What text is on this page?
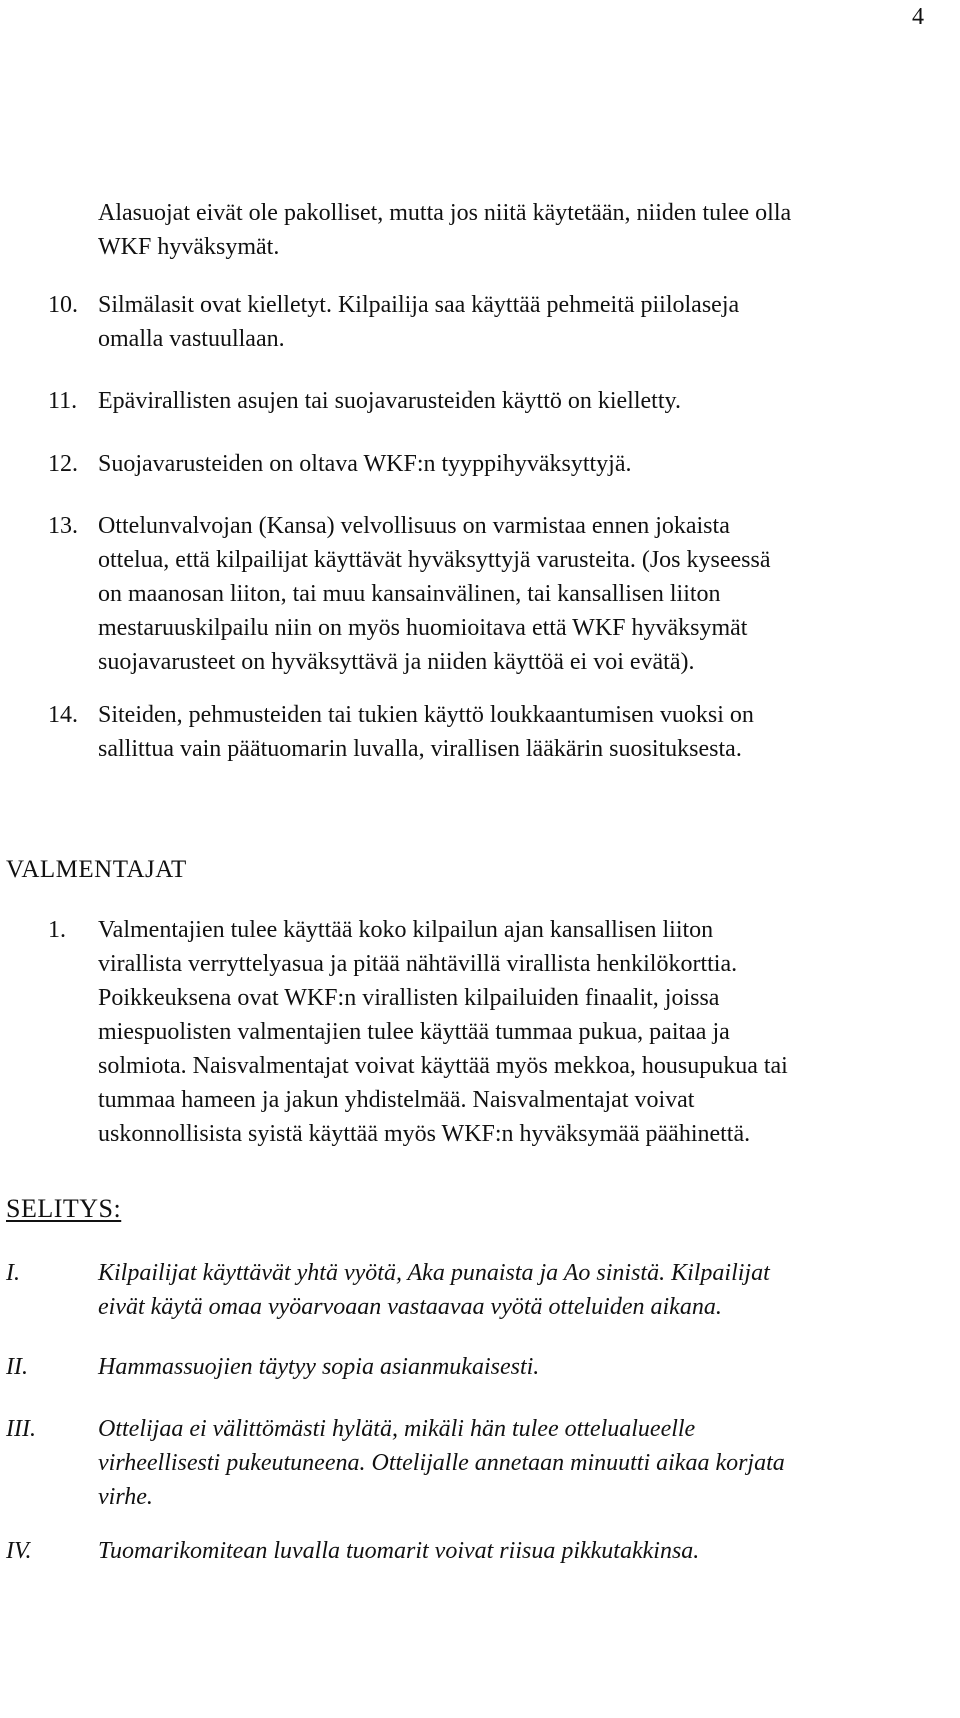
4
Alasuojat eivät ole pakolliset, mutta jos niitä käytetään, niiden tulee olla
WKF hyväksymät.
10. Silmälasit ovat kielletyt. Kilpailija saa käyttää pehmeitä piilolaseja
omalla vastuullaan.
11. Epävirallisten asujen tai suojavarusteiden käyttö on kielletty.
12. Suojavarusteiden on oltava WKF:n tyyppihyväksyttyjä.
13. Ottelunvalvojan (Kansa) velvollisuus on varmistaa ennen jokaista
ottelua, että kilpailijat käyttävät hyväksyttyjä varusteita. (Jos kyseessä
on maanosan liiton, tai muu kansainvälinen, tai kansallisen liiton
mestaruuskilpailu niin on myös huomioitava että WKF hyväksymät
suojavarusteet on hyväksyttävä ja niiden käyttöä ei voi evätä).
14. Siteiden, pehmusteiden tai tukien käyttö loukkaantumisen vuoksi on
sallittua vain päätuomarin luvalla, virallisen lääkärin suosituksesta.
VALMENTAJAT
1. Valmentajien tulee käyttää koko kilpailun ajan kansallisen liiton
virallista verryttelyasua ja pitää nähtävillä virallista henkilökorttia.
Poikkeuksena ovat WKF:n virallisten kilpailuiden finaalit, joissa
miespuolisten valmentajien tulee käyttää tummaa pukua, paitaa ja
solmiota. Naisvalmentajat voivat käyttää myös mekkoa, housupukua tai
tummaa hameen ja jakun yhdistelmää. Naisvalmentajat voivat
uskonnollisista syistä käyttää myös WKF:n hyväksymää päähinettä.
SELITYS:
I.	Kilpailijat käyttävät yhtä vyötä, Aka punaista ja Ao sinistä. Kilpailijat
eivät käytä omaa vyöarvoaan vastaavaa vyötä otteluiden aikana.
II.	Hammassuojien täytyy sopia asianmukaisesti.
III.	Ottelijaa ei välittömästi hylätä, mikäli hän tulee ottelualueelle
virheellisesti pukeutuneena. Ottelijalle annetaan minuutti aikaa korjata
virhe.
IV.	Tuomarikomitean luvalla tuomarit voivat riisua pikkutakkinsa.
